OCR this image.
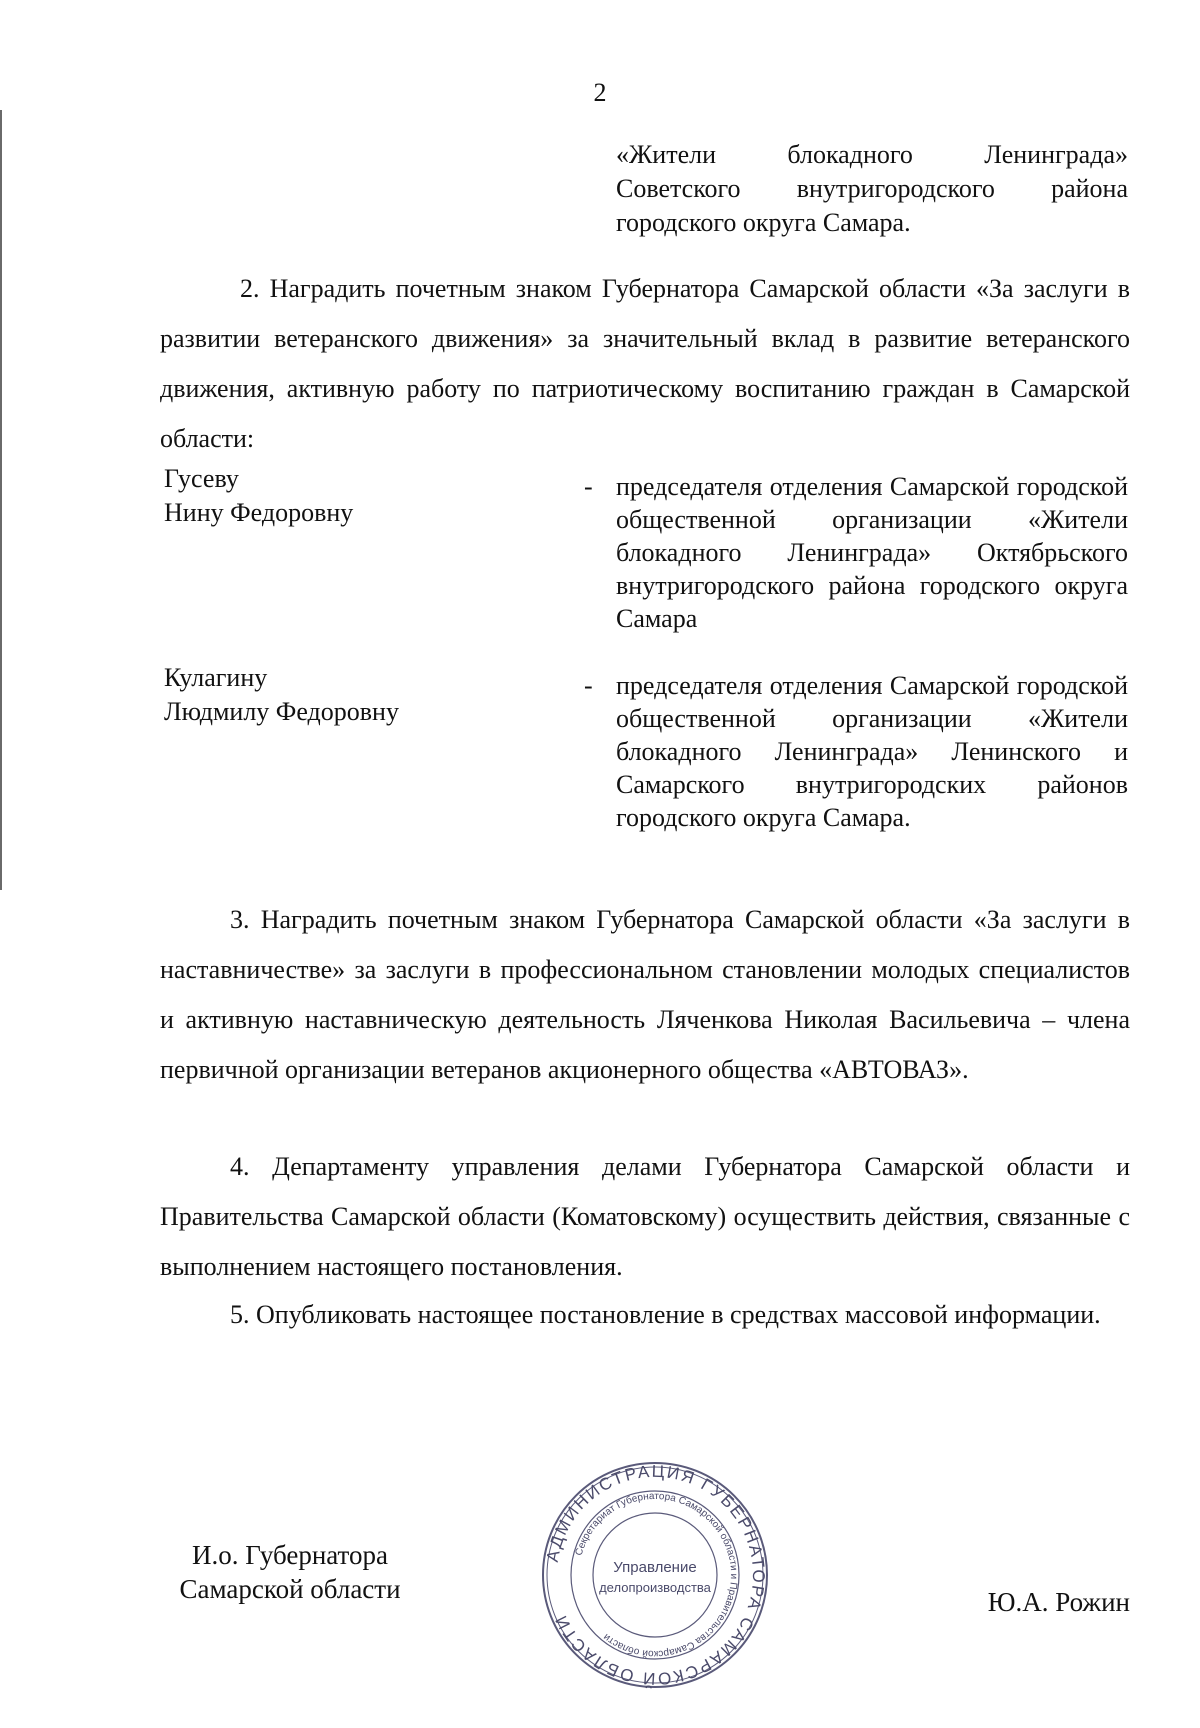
2
«Жители блокадного Ленинграда» Советского внутригородского района городского округа Самара.

2. Наградить почетным знаком Губернатора Самарской области «За заслуги в развитии ветеранского движения» за значительный вклад в развитие ветеранского движения, активную работу по патриотическому воспитанию граждан в Самарской области:

Гусеву
Нину Федоровну
- председателя отделения Самарской городской общественной организации «Жители блокадного Ленинграда» Октябрьского внутригородского района городского округа Самара
Кулагину
Людмилу Федоровну
- председателя отделения Самарской городской общественной организации «Жители блокадного Ленинграда» Ленинского и Самарского внутригородских районов городского округа Самара.

3. Наградить почетным знаком Губернатора Самарской области «За заслуги в наставничестве» за заслуги в профессиональном становлении молодых специалистов и активную наставническую деятельность Ляченкова Николая Васильевича – члена первичной организации ветеранов акционерного общества «АВТОВАЗ».

4. Департаменту управления делами Губернатора Самарской области и Правительства Самарской области (Коматовскому) осуществить действия, связанные с выполнением настоящего постановления.

5. Опубликовать настоящее постановление в средствах массовой информации.

И.о. Губернатора
Самарской области
АДМИНИСТРАЦИЯ ГУБЕРНАТОРА САМАРСКОЙ ОБЛАСТИ
Секретариат Губернатора Самарской области и Правительства Самарской области
Управление
делопроизводства	Ю.А. Рожин
